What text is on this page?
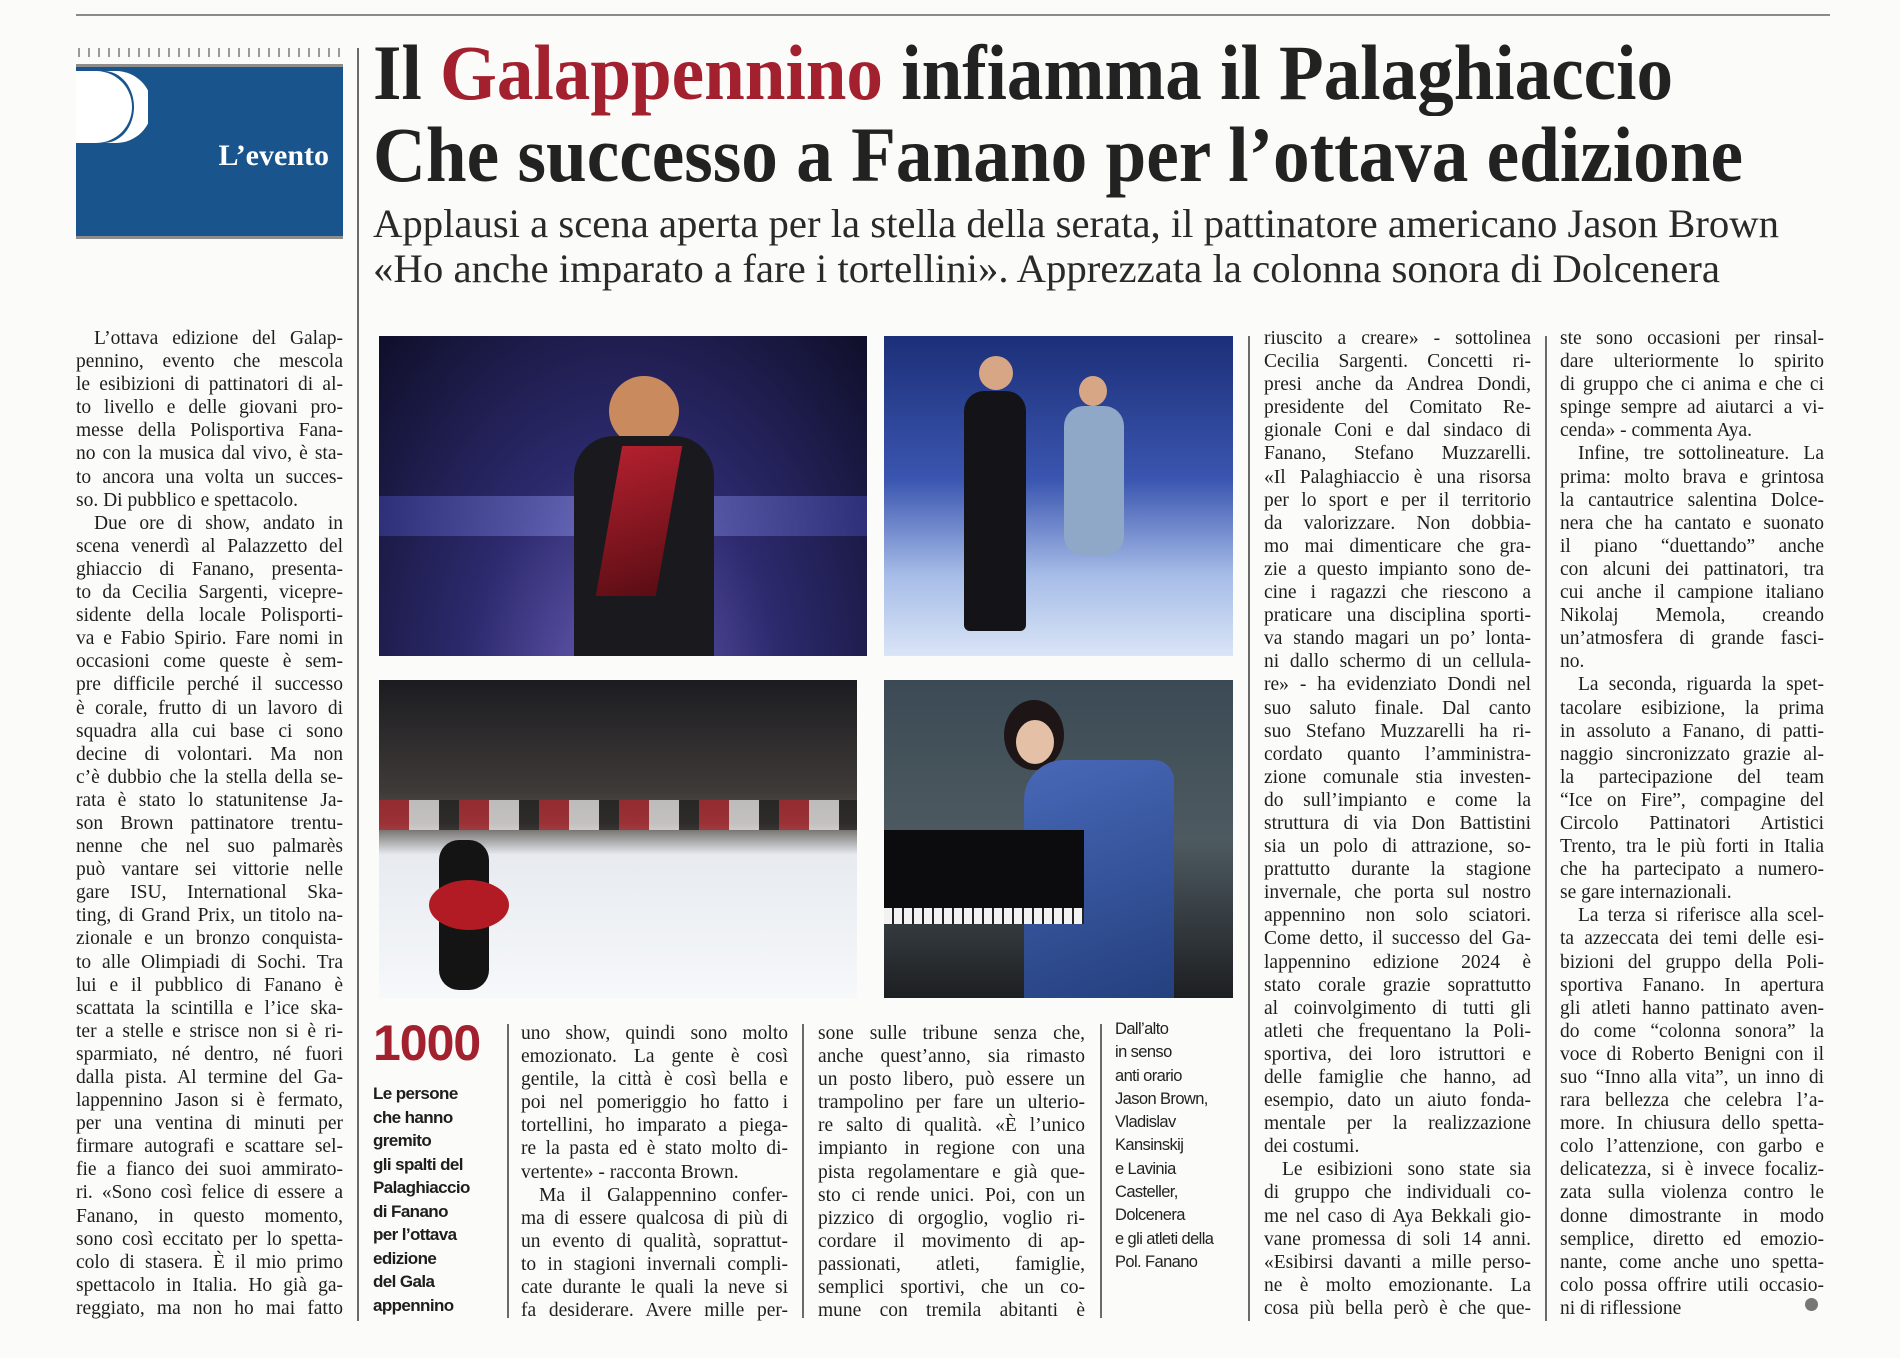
L’evento
Il Galappennino infiamma il Palaghiaccio
Che successo a Fanano per l’ottava edizione
Applausi a scena aperta per la stella della serata, il pattinatore americano Jason Brown
«Ho anche imparato a fare i tortellini». Apprezzata la colonna sonora di Dolcenera
1000
Le persone
che hanno
gremito
gli spalti del
Palaghiaccio
di Fanano
per l’ottava
edizione
del Gala
appennino
Dall’alto
in senso
anti orario
Jason Brown,
Vladislav
Kansinskij
e Lavinia
Casteller,
Dolcenera
e gli atleti della
Pol. Fanano
L’ottava edizione del Galap-
pennino, evento che mescola
le esibizioni di pattinatori di al-
to livello e delle giovani pro-
messe della Polisportiva Fana-
no con la musica dal vivo, è sta-
to ancora una volta un succes-
so. Di pubblico e spettacolo.
Due ore di show, andato in
scena venerdì al Palazzetto del
ghiaccio di Fanano, presenta-
to da Cecilia Sargenti, vicepre-
sidente della locale Polisporti-
va e Fabio Spirio. Fare nomi in
occasioni come queste è sem-
pre difficile perché il successo
è corale, frutto di un lavoro di
squadra alla cui base ci sono
decine di volontari. Ma non
c’è dubbio che la stella della se-
rata è stato lo statunitense Ja-
son Brown pattinatore trentu-
nenne che nel suo palmarès
può vantare sei vittorie nelle
gare ISU, International Ska-
ting, di Grand Prix, un titolo na-
zionale e un bronzo conquista-
to alle Olimpiadi di Sochi. Tra
lui e il pubblico di Fanano è
scattata la scintilla e l’ice ska-
ter a stelle e strisce non si è ri-
sparmiato, né dentro, né fuori
dalla pista. Al termine del Ga-
lappennino Jason si è fermato,
per una ventina di minuti per
firmare autografi e scattare sel-
fie a fianco dei suoi ammirato-
ri. «Sono così felice di essere a
Fanano, in questo momento,
sono così eccitato per lo spetta-
colo di stasera. È il mio primo
spettacolo in Italia. Ho già ga-
reggiato, ma non ho mai fatto
uno show, quindi sono molto
emozionato. La gente è così
gentile, la città è così bella e
poi nel pomeriggio ho fatto i
tortellini, ho imparato a piega-
re la pasta ed è stato molto di-
vertente» - racconta Brown.
Ma il Galappennino confer-
ma di essere qualcosa di più di
un evento di qualità, soprattut-
to in stagioni invernali compli-
cate durante le quali la neve si
fa desiderare. Avere mille per-
sone sulle tribune senza che,
anche quest’anno, sia rimasto
un posto libero, può essere un
trampolino per fare un ulterio-
re salto di qualità. «È l’unico
impianto in regione con una
pista regolamentare e già que-
sto ci rende unici. Poi, con un
pizzico di orgoglio, voglio ri-
cordare il movimento di ap-
passionati, atleti, famiglie,
semplici sportivi, che un co-
mune con tremila abitanti è
riuscito a creare» - sottolinea
Cecilia Sargenti. Concetti ri-
presi anche da Andrea Dondi,
presidente del Comitato Re-
gionale Coni e dal sindaco di
Fanano, Stefano Muzzarelli.
«Il Palaghiaccio è una risorsa
per lo sport e per il territorio
da valorizzare. Non dobbia-
mo mai dimenticare che gra-
zie a questo impianto sono de-
cine i ragazzi che riescono a
praticare una disciplina sporti-
va stando magari un po’ lonta-
ni dallo schermo di un cellula-
re» - ha evidenziato Dondi nel
suo saluto finale. Dal canto
suo Stefano Muzzarelli ha ri-
cordato quanto l’amministra-
zione comunale stia investen-
do sull’impianto e come la
struttura di via Don Battistini
sia un polo di attrazione, so-
prattutto durante la stagione
invernale, che porta sul nostro
appennino non solo sciatori.
Come detto, il successo del Ga-
lappennino edizione 2024 è
stato corale grazie soprattutto
al coinvolgimento di tutti gli
atleti che frequentano la Poli-
sportiva, dei loro istruttori e
delle famiglie che hanno, ad
esempio, dato un aiuto fonda-
mentale per la realizzazione
dei costumi.
Le esibizioni sono state sia
di gruppo che individuali co-
me nel caso di Aya Bekkali gio-
vane promessa di soli 14 anni.
«Esibirsi davanti a mille perso-
ne è molto emozionante. La
cosa più bella però è che que-
ste sono occasioni per rinsal-
dare ulteriormente lo spirito
di gruppo che ci anima e che ci
spinge sempre ad aiutarci a vi-
cenda» - commenta Aya.
Infine, tre sottolineature. La
prima: molto brava e grintosa
la cantautrice salentina Dolce-
nera che ha cantato e suonato
il piano “duettando” anche
con alcuni dei pattinatori, tra
cui anche il campione italiano
Nikolaj Memola, creando
un’atmosfera di grande fasci-
no.
La seconda, riguarda la spet-
tacolare esibizione, la prima
in assoluto a Fanano, di patti-
naggio sincronizzato grazie al-
la partecipazione del team
“Ice on Fire”, compagine del
Circolo Pattinatori Artistici
Trento, tra le più forti in Italia
che ha partecipato a numero-
se gare internazionali.
La terza si riferisce alla scel-
ta azzeccata dei temi delle esi-
bizioni del gruppo della Poli-
sportiva Fanano. In apertura
gli atleti hanno pattinato aven-
do come “colonna sonora” la
voce di Roberto Benigni con il
suo “Inno alla vita”, un inno di
rara bellezza che celebra l’a-
more. In chiusura dello spetta-
colo l’attenzione, con garbo e
delicatezza, si è invece focaliz-
zata sulla violenza contro le
donne dimostrante in modo
semplice, diretto ed emozio-
nante, come anche uno spetta-
colo possa offrire utili occasio-
ni di riflessione
